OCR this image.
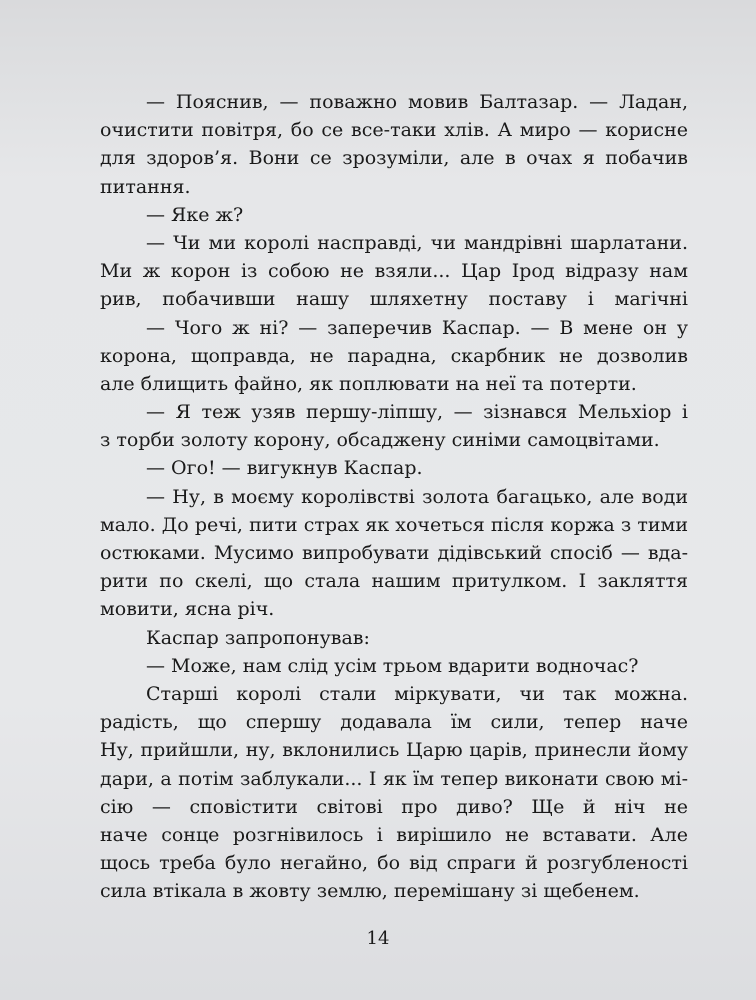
— Пояснив, — поважно мовив Балтазар. — Ладан,
очистити повітря, бо се все-таки хлів. А миро — корисне
для здоров’я. Вони се зрозуміли, але в очах я побачив
питання.
— Яке ж?
— Чи ми королі насправді, чи мандрівні шарлатани.
Ми ж корон із собою не взяли... Цар Ірод відразу нам
рив, побачивши нашу шляхетну поставу і магічні
— Чого ж ні? — заперечив Каспар. — В мене он у
корона, щоправда, не парадна, скарбник не дозволив
але блищить файно, як поплювати на неї та потерти.
— Я теж узяв першу-ліпшу, — зізнався Мельхіор і
з торби золоту корону, обсаджену синіми самоцвітами.
— Ого! — вигукнув Каспар.
— Ну, в моєму королівстві золота багацько, але води
мало. До речі, пити страх як хочеться після коржа з тими
остюками. Мусимо випробувати дідівський спосіб — вда-
рити по скелі, що стала нашим притулком. І закляття
мовити, ясна річ.
Каспар запропонував:
— Може, нам слід усім трьом вдарити водночас?
Старші королі стали міркувати, чи так можна.
радість, що спершу додавала їм сили, тепер наче
Ну, прийшли, ну, вклонились Царю царів, принесли йому
дари, а потім заблукали... І як їм тепер виконати свою мі-
сію — сповістити світові про диво? Ще й ніч не
наче сонце розгнівилось і вирішило не вставати. Але
щось треба було негайно, бо від спраги й розгубленості
сила втікала в жовту землю, перемішану зі щебенем.
14
